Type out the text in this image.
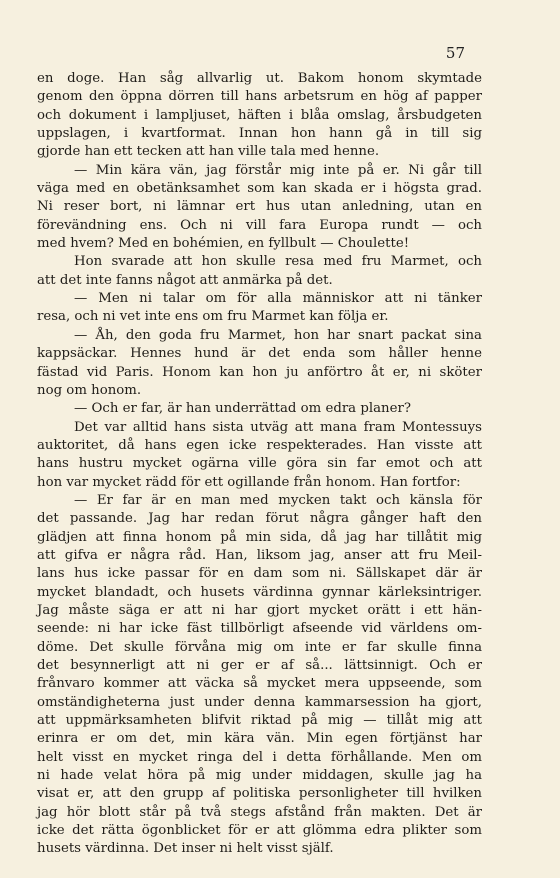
57
en doge. Han såg allvarlig ut. Bakom honom skymtade
genom den öppna dörren till hans arbetsrum en hög af papper
och dokument i lampljuset, häften i blåa omslag, årsbudgeten
uppslagen, i kvartformat. Innan hon hann gå in till sig
gjorde han ett tecken att han ville tala med henne.
— Min kära vän, jag förstår mig inte på er. Ni går till
väga med en obetänksamhet som kan skada er i högsta grad.
Ni reser bort, ni lämnar ert hus utan anledning, utan en
förevändning ens. Och ni vill fara Europa rundt — och
med hvem? Med en bohémien, en fyllbult — Choulette!
Hon svarade att hon skulle resa med fru Marmet, och
att det inte fanns något att anmärka på det.
— Men ni talar om för alla människor att ni tänker
resa, och ni vet inte ens om fru Marmet kan följa er.
— Åh, den goda fru Marmet, hon har snart packat sina
kappsäckar. Hennes hund är det enda som håller henne
fästad vid Paris. Honom kan hon ju anförtro åt er, ni sköter
nog om honom.
— Och er far, är han underrättad om edra planer?
Det var alltid hans sista utväg att mana fram Montessuys
auktoritet, då hans egen icke respekterades. Han visste att
hans hustru mycket ogärna ville göra sin far emot och att
hon var mycket rädd för ett ogillande från honom. Han fortfor:
— Er far är en man med mycken takt och känsla för
det passande. Jag har redan förut några gånger haft den
glädjen att finna honom på min sida, då jag har tillåtit mig
att gifva er några råd. Han, liksom jag, anser att fru Meil-
lans hus icke passar för en dam som ni. Sällskapet där är
mycket blandadt, och husets värdinna gynnar kärleksintriger.
Jag måste säga er att ni har gjort mycket orätt i ett hän-
seende: ni har icke fäst tillbörligt afseende vid världens om-
döme. Det skulle förvåna mig om inte er far skulle finna
det besynnerligt att ni ger er af så... lättsinnigt. Och er
frånvaro kommer att väcka så mycket mera uppseende, som
omständigheterna just under denna kammarsession ha gjort,
att uppmärksamheten blifvit riktad på mig — tillåt mig att
erinra er om det, min kära vän. Min egen förtjänst har
helt visst en mycket ringa del i detta förhållande. Men om
ni hade velat höra på mig under middagen, skulle jag ha
visat er, att den grupp af politiska personligheter till hvilken
jag hör blott står på två stegs afstånd från makten. Det är
icke det rätta ögonblicket för er att glömma edra plikter som
husets värdinna. Det inser ni helt visst själf.
